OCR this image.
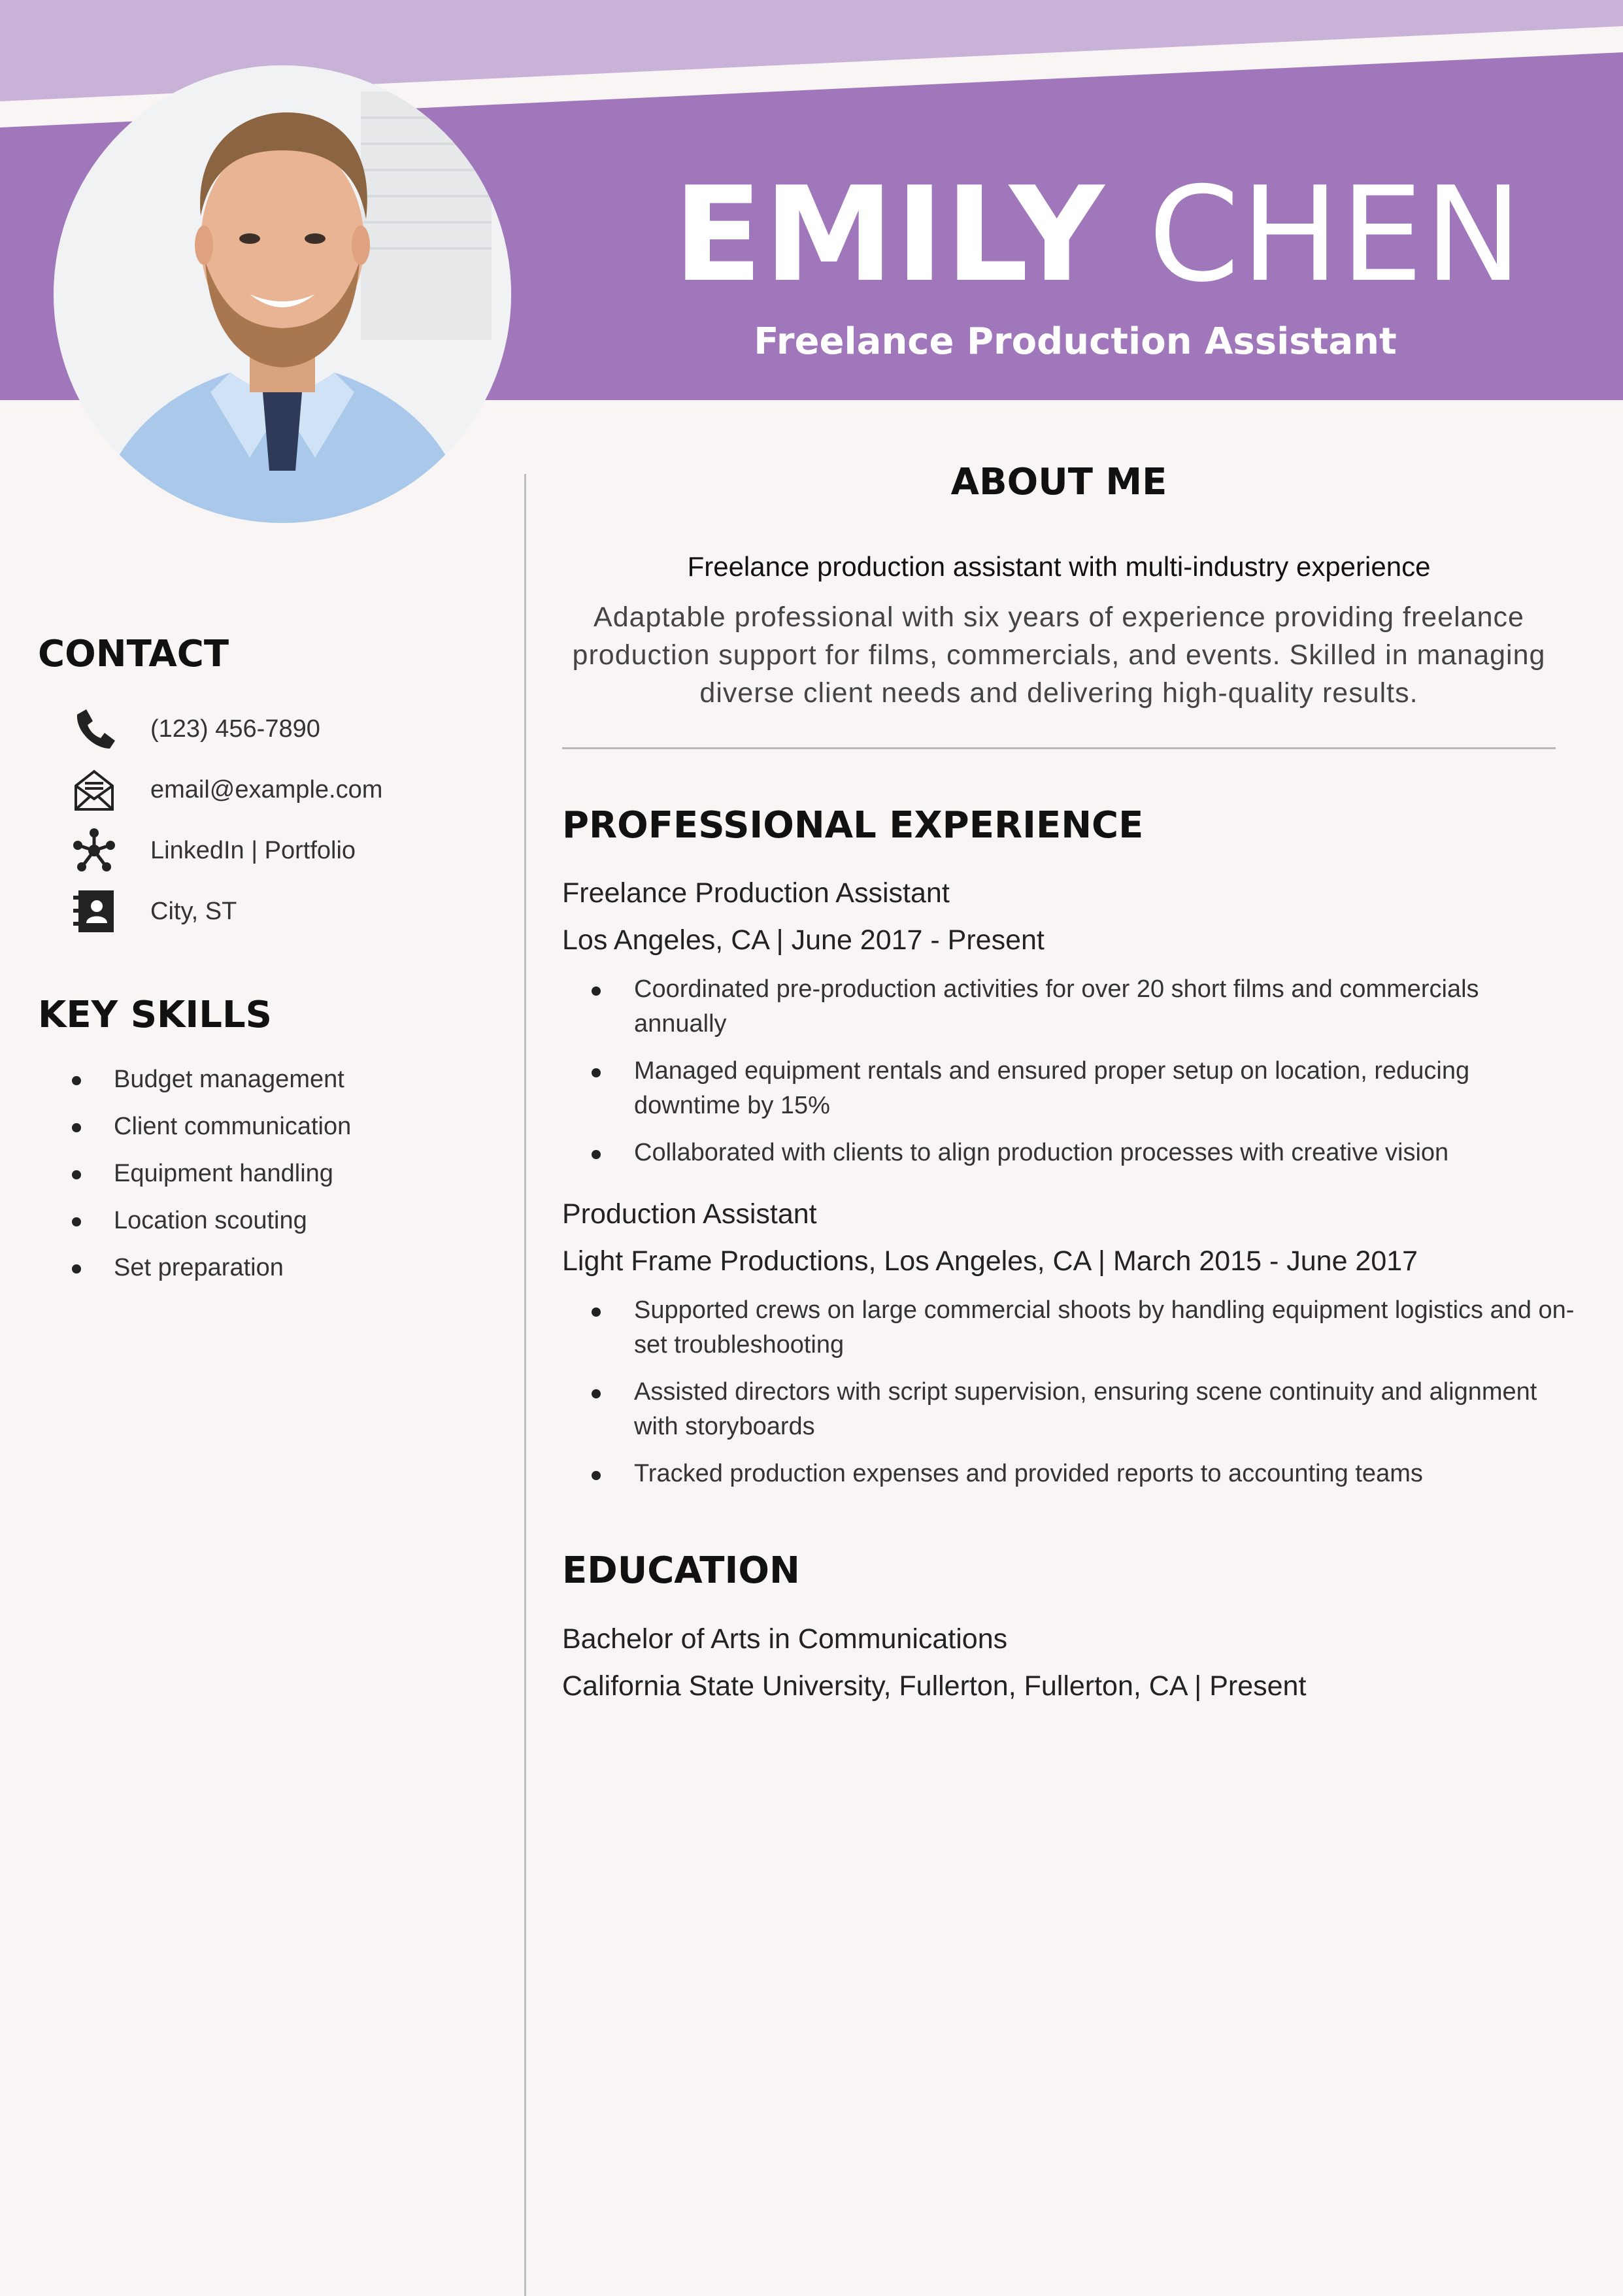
EMILY CHEN
Freelance Production Assistant
CONTACT
(123) 456-7890
email@example.com
LinkedIn | Portfolio
City, ST
KEY SKILLS
Budget management
Client communication
Equipment handling
Location scouting
Set preparation
ABOUT ME
Freelance production assistant with multi-industry experience
Adaptable professional with six years of experience providing freelance production support for films, commercials, and events. Skilled in managing diverse client needs and delivering high-quality results.
PROFESSIONAL EXPERIENCE
Freelance Production Assistant
Los Angeles, CA | June 2017 - Present
Coordinated pre-production activities for over 20 short films and commercials annually
Managed equipment rentals and ensured proper setup on location, reducing downtime by 15%
Collaborated with clients to align production processes with creative vision
Production Assistant
Light Frame Productions, Los Angeles, CA | March 2015 - June 2017
Supported crews on large commercial shoots by handling equipment logistics and on-set troubleshooting
Assisted directors with script supervision, ensuring scene continuity and alignment with storyboards
Tracked production expenses and provided reports to accounting teams
EDUCATION
Bachelor of Arts in Communications
California State University, Fullerton, Fullerton, CA | Present
